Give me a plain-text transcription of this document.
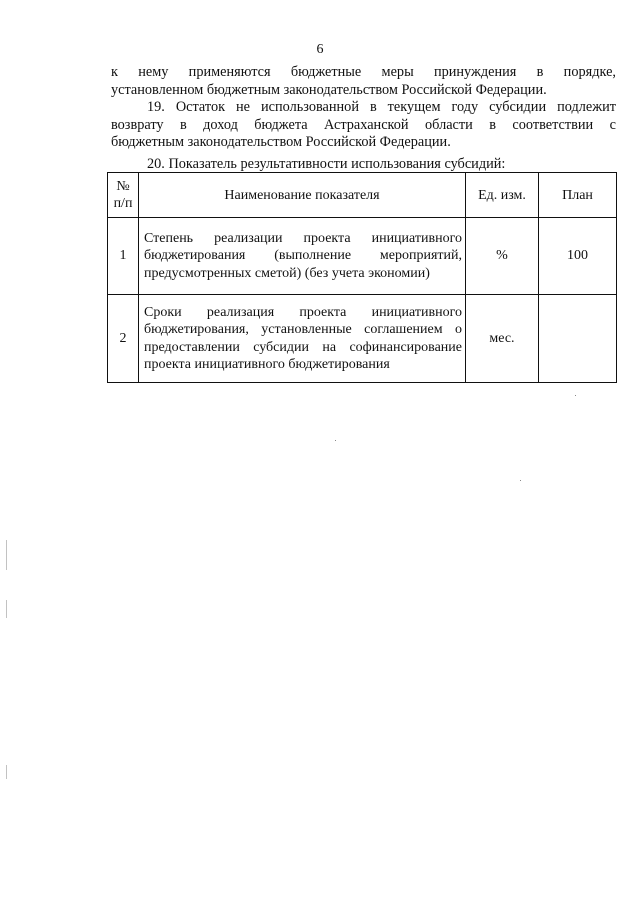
6

к нему применяются бюджетные меры принуждения в порядке,
установленном бюджетным законодательством Российской Федерации.

19. Остаток не использованной в текущем году субсидии подлежит
возврату в доход бюджета Астраханской области в соответствии с
бюджетным законодательством Российской Федерации.

20. Показатель результативности использования субсидий:
№
п/п	Наименование показателя	Ед. изм.	План
1	Степень реализации проекта инициативного бюджетирования (выполнение мероприятий, предусмотренных сметой) (без учета экономии)	%	100
2	Сроки реализация проекта инициативного бюджетирования, установленные соглашением о предоставлении субсидии на софинансирование проекта инициативного бюджетирования	мес.	
